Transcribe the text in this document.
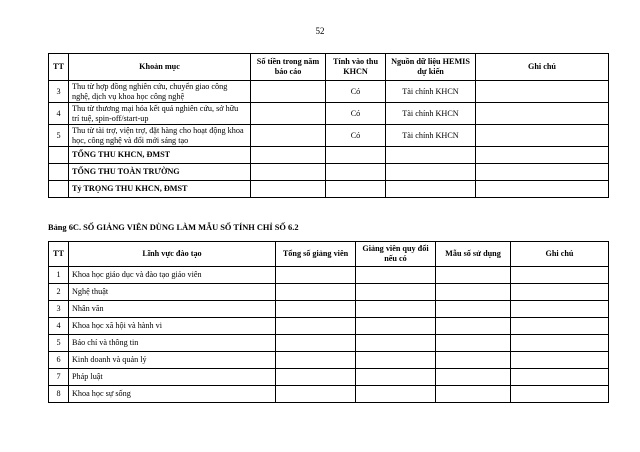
52
TT	Khoản mục	Số tiền trong năm báo cáo	Tính vào thu KHCN	Nguồn dữ liệu HEMIS dự kiến	Ghi chú
3	Thu từ hợp đồng nghiên cứu, chuyển giao công nghệ, dịch vụ khoa học công nghệ		Có	Tài chính KHCN	
4	Thu từ thương mại hóa kết quả nghiên cứu, sở hữu trí tuệ, spin-off/start-up		Có	Tài chính KHCN	
5	Thu từ tài trợ, viện trợ, đặt hàng cho hoạt động khoa học, công nghệ và đổi mới sáng tạo		Có	Tài chính KHCN	
	TỔNG THU KHCN, ĐMST				
	TỔNG THU TOÀN TRƯỜNG				
	Tỷ TRỌNG THU KHCN, ĐMST				
Bảng 6C. SỐ GIẢNG VIÊN DÙNG LÀM MẪU SỐ TÍNH CHỈ SỐ 6.2
TT	Lĩnh vực đào tạo	Tổng số giảng viên	Giảng viên quy đổi nếu có	Mẫu số sử dụng	Ghi chú
1	Khoa học giáo dục và đào tạo giáo viên				
2	Nghệ thuật				
3	Nhân văn				
4	Khoa học xã hội và hành vi				
5	Báo chí và thông tin				
6	Kinh doanh và quản lý				
7	Pháp luật				
8	Khoa học sự sống				
